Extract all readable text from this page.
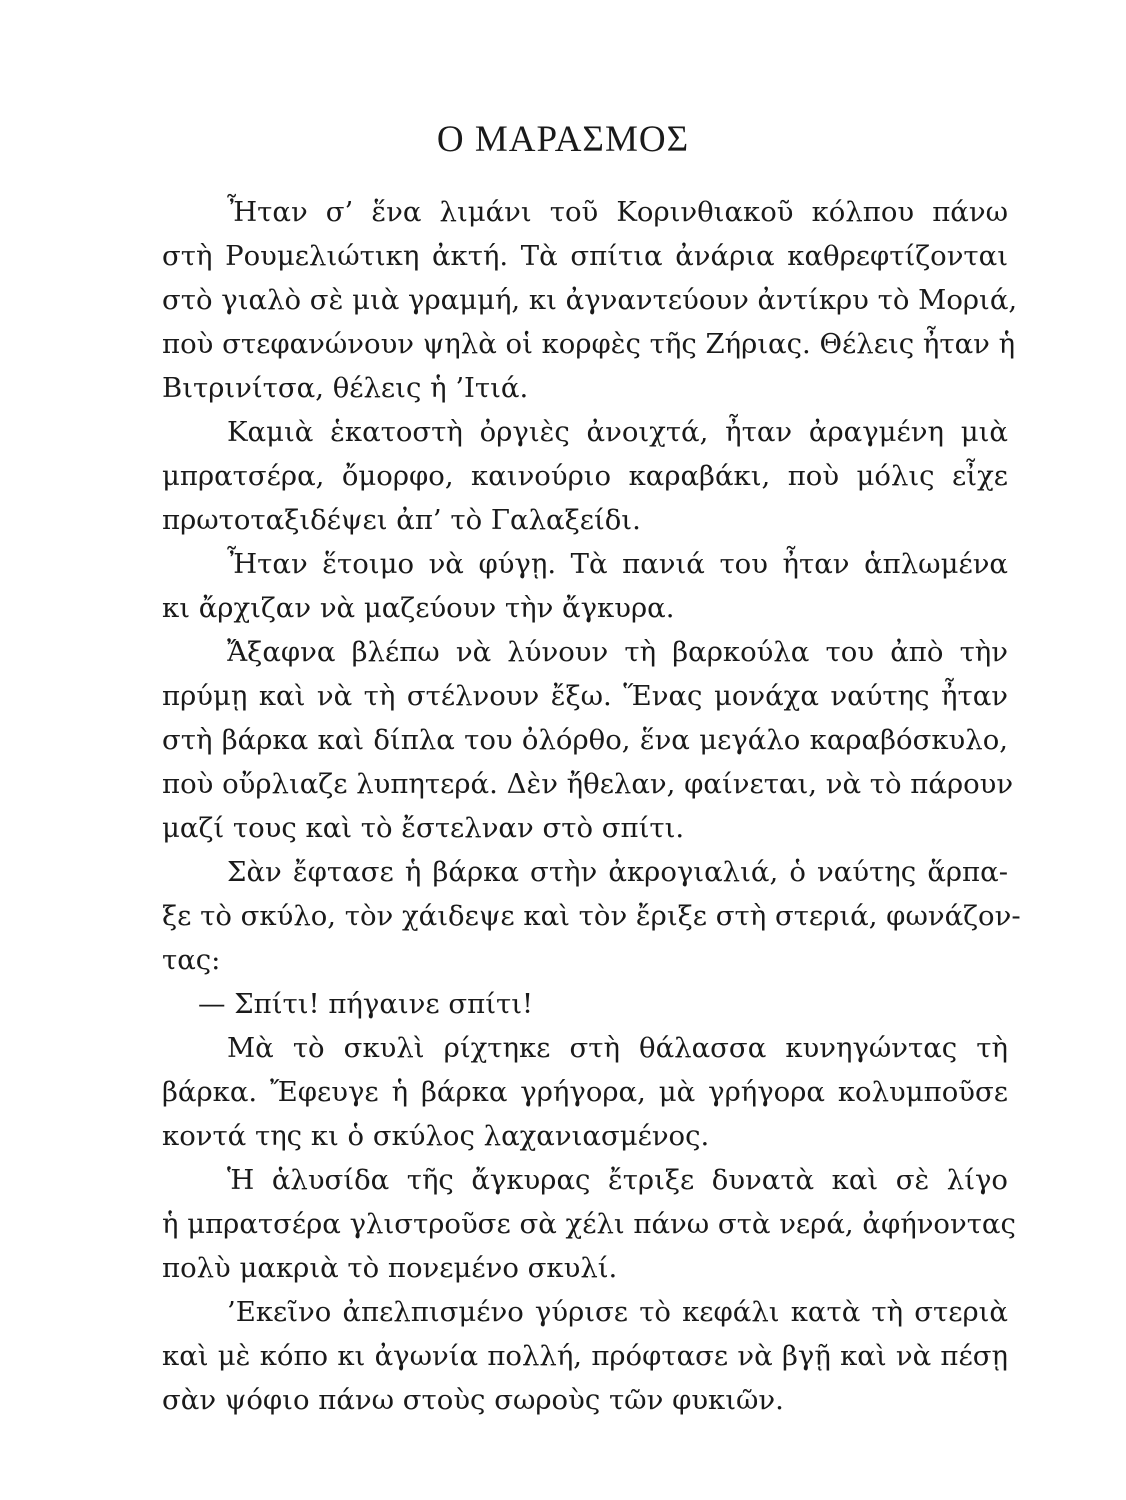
Ο ΜΑΡΑΣΜΟΣ

Ἦταν σ’ ἕνα λιμάνι τοῦ Κορινθιακοῦ κόλπου πάνω

στὴ Ρουμελιώτικη ἀκτή. Τὰ σπίτια ἀνάρια καθρεφτίζονται

στὸ γιαλὸ σὲ μιὰ γραμμή, κι ἀγναντεύουν ἀντίκρυ τὸ Μοριά,

ποὺ στεφανώνουν ψηλὰ οἱ κορφὲς τῆς Ζήριας. Θέλεις ἦταν ἡ

Βιτρινίτσα, θέλεις ἡ ’Ιτιά.

Καμιὰ ἑκατοστὴ ὀργιὲς ἀνοιχτά, ἦταν ἀραγμένη μιὰ

μπρατσέρα, ὄμορφο, καινούριο καραβάκι, ποὺ μόλις εἶχε

πρωτοταξιδέψει ἀπ’ τὸ Γαλαξείδι.

Ἦταν ἕτοιμο νὰ φύγῃ. Τὰ πανιά του ἦταν ἁπλωμένα

κι ἄρχιζαν νὰ μαζεύουν τὴν ἄγκυρα.

Ἄξαφνα βλέπω νὰ λύνουν τὴ βαρκούλα του ἀπὸ τὴν

πρύμῃ καὶ νὰ τὴ στέλνουν ἔξω. Ἕνας μονάχα ναύτης ἦταν

στὴ βάρκα καὶ δίπλα του ὀλόρθο, ἕνα μεγάλο καραβόσκυλο,

ποὺ οὔρλιαζε λυπητερά. Δὲν ἤθελαν, φαίνεται, νὰ τὸ πάρουν

μαζί τους καὶ τὸ ἔστελναν στὸ σπίτι.

Σὰν ἔφτασε ἡ βάρκα στὴν ἀκρογιαλιά, ὁ ναύτης ἅρπα-

ξε τὸ σκύλο, τὸν χάιδεψε καὶ τὸν ἔριξε στὴ στεριά, φωνάζον-

τας:

— Σπίτι! πήγαινε σπίτι!

Μὰ τὸ σκυλὶ ρίχτηκε στὴ θάλασσα κυνηγώντας τὴ

βάρκα. Ἔφευγε ἡ βάρκα γρήγορα, μὰ γρήγορα κολυμποῦσε

κοντά της κι ὁ σκύλος λαχανιασμένος.

Ἡ ἁλυσίδα τῆς ἄγκυρας ἔτριξε δυνατὰ καὶ σὲ λίγο

ἡ μπρατσέρα γλιστροῦσε σὰ χέλι πάνω στὰ νερά, ἀφήνοντας

πολὺ μακριὰ τὸ πονεμένο σκυλί.

’Εκεῖνο ἀπελπισμένο γύρισε τὸ κεφάλι κατὰ τὴ στεριὰ

καὶ μὲ κόπο κι ἀγωνία πολλή, πρόφτασε νὰ βγῇ καὶ νὰ πέσῃ

σὰν ψόφιο πάνω στοὺς σωροὺς τῶν φυκιῶν.
